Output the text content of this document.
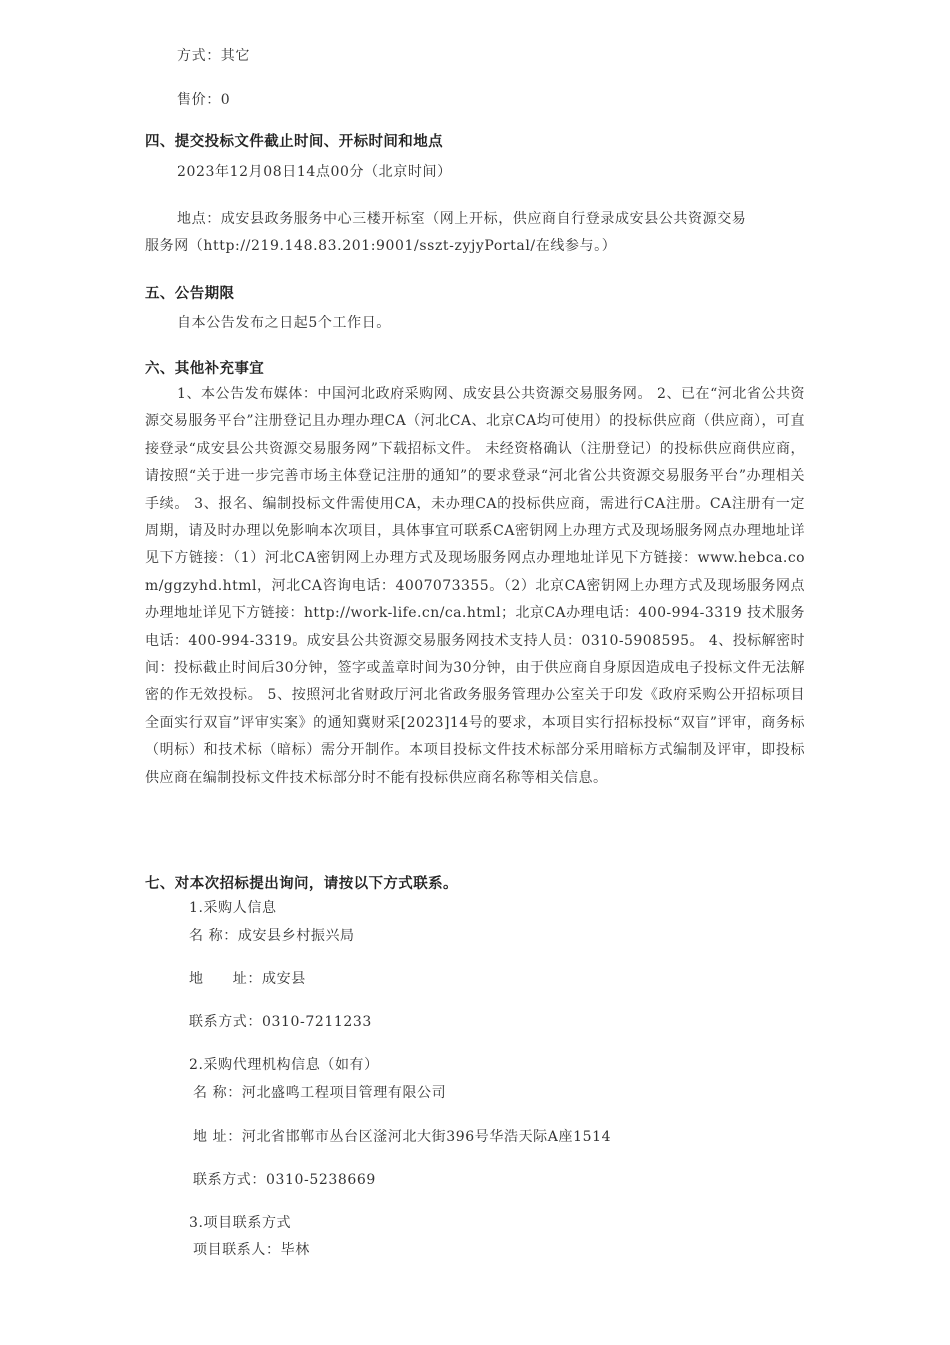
方式：其它
售价：0
四、提交投标文件截止时间、开标时间和地点
2023年12月08日14点00分（北京时间）
地点：成安县政务服务中心三楼开标室（网上开标，供应商自行登录成安县公共资源交易
服务网（http://219.148.83.201:9001/sszt-zyjyPortal/在线参与。）
五、公告期限
自本公告发布之日起5个工作日。
六、其他补充事宜
1、本公告发布媒体：中国河北政府采购网、成安县公共资源交易服务网。 2、已在“河北省公共资源交易服务平台”注册登记且办理办理CA（河北CA、北京CA均可使用）的投标供应商（供应商），可直接登录“成安县公共资源交易服务网”下载招标文件。 未经资格确认（注册登记）的投标供应商供应商，请按照“关于进一步完善市场主体登记注册的通知”的要求登录“河北省公共资源交易服务平台”办理相关手续。 3、报名、编制投标文件需使用CA，未办理CA的投标供应商，需进行CA注册。CA注册有一定周期，请及时办理以免影响本次项目，具体事宜可联系CA密钥网上办理方式及现场服务网点办理地址详见下方链接：（1）河北CA密钥网上办理方式及现场服务网点办理地址详见下方链接：www.hebca.com/ggzyhd.html，河北CA咨询电话：4007073355。（2）北京CA密钥网上办理方式及现场服务网点办理地址详见下方链接：http://work-life.cn/ca.html；北京CA办理电话：400-994-3319 技术服务电话：400-994-3319。成安县公共资源交易服务网技术支持人员：0310-5908595。 4、投标解密时间：投标截止时间后30分钟，签字或盖章时间为30分钟，由于供应商自身原因造成电子投标文件无法解密的作无效投标。 5、按照河北省财政厅河北省政务服务管理办公室关于印发《政府采购公开招标项目全面实行双盲”评审实案》的通知冀财采[2023]14号的要求，本项目实行招标投标“双盲”评审，商务标（明标）和技术标（暗标）需分开制作。本项目投标文件技术标部分采用暗标方式编制及评审，即投标供应商在编制投标文件技术标部分时不能有投标供应商名称等相关信息。
七、对本次招标提出询问，请按以下方式联系。
1.采购人信息
名 称：成安县乡村振兴局
地　　址：成安县
联系方式：0310-7211233
2.采购代理机构信息（如有）
名 称：河北盛鸣工程项目管理有限公司
地 址：河北省邯郸市丛台区滏河北大街396号华浩天际A座1514
联系方式：0310-5238669
3.项目联系方式
项目联系人：毕林
